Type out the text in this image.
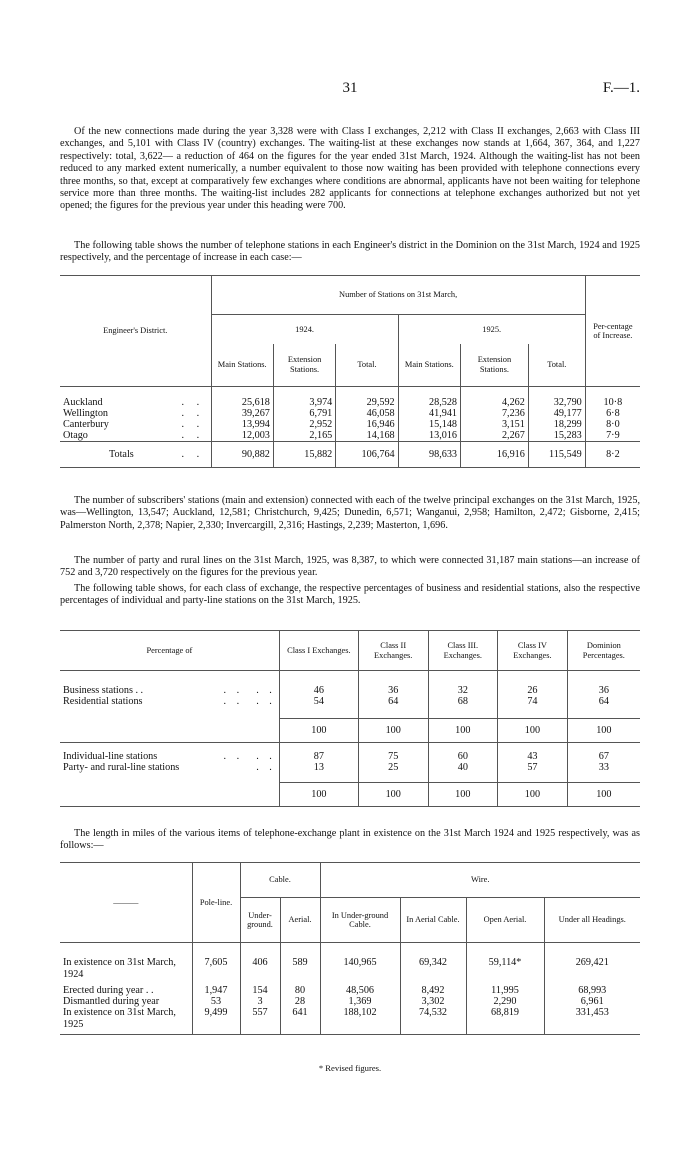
31	F.—1.
Of the new connections made during the year 3,328 were with Class I exchanges, 2,212 with Class II exchanges, 2,663 with Class III exchanges, and 5,101 with Class IV (country) exchanges. The waiting-list at these exchanges now stands at 1,664, 367, 364, and 1,227 respectively: total, 3,622— a reduction of 464 on the figures for the year ended 31st March, 1924. Although the waiting-list has not been reduced to any marked extent numerically, a number equivalent to those now waiting has been provided with telephone connections every three months, so that, except at comparatively few exchanges where conditions are abnormal, applicants have not been waiting for telephone service more than three months. The waiting-list includes 282 applicants for connections at telephone exchanges authorized but not yet opened; the figures for the previous year under this heading were 700.
The following table shows the number of telephone stations in each Engineer's district in the Dominion on the 31st March, 1924 and 1925 respectively, and the percentage of increase in each case:—
Engineer's District.	Number of Stations on 31st March,						Per-centage of Increase.
	1924.			1925.			
	Main Stations.	Extension Stations.	Total.	Main Stations.	Extension Stations.	Total.	

Auckland . .	25,618	3,974	29,592	28,528	4,262	32,790	10·8
Wellington . .	39,267	6,791	46,058	41,941	7,236	49,177	6·8
Canterbury . .	13,994	2,952	16,946	15,148	3,151	18,299	8·0
Otago . .	12,003	2,165	14,168	13,016	2,267	15,283	7·9
Totals . .	90,882	15,882	106,764	98,633	16,916	115,549	8·2
The number of subscribers' stations (main and extension) connected with each of the twelve principal exchanges on the 31st March, 1925, was—Wellington, 13,547; Auckland, 12,581; Christchurch, 9,425; Dunedin, 6,571; Wanganui, 2,958; Hamilton, 2,472; Gisborne, 2,415; Palmerston North, 2,378; Napier, 2,330; Invercargill, 2,316; Hastings, 2,239; Masterton, 1,696.
The number of party and rural lines on the 31st March, 1925, was 8,387, to which were connected 31,187 main stations—an increase of 752 and 3,720 respectively on the figures for the previous year.
The following table shows, for each class of exchange, the respective percentages of business and residential stations, also the respective percentages of individual and party-line stations on the 31st March, 1925.
Percentage of	Class I Exchanges.	Class II Exchanges.	Class III. Exchanges.	Class IV Exchanges.	Dominion Percentages.

Business stations . . . .  . .	46	36	32	26	36
Residential stations . .  . .	54	64	68	74	64

	100	100	100	100	100

Individual-line stations . .  . .	87	75	60	43	67
Party- and rural-line stations . .	13	25	40	57	33

	100	100	100	100	100
The length in miles of the various items of telephone-exchange plant in existence on the 31st March 1924 and 1925 respectively, was as follows:—
———	Pole-line.	Cable.		Wire.			
		Under-ground.	Aerial.	In Under-ground Cable.	In Aerial Cable.	Open Aerial.	Under all Headings.

In existence on 31st March, 1924	7,605	406	589	140,965	69,342	59,114*	269,421
Erected during year . .	1,947	154	80	48,506	8,492	11,995	68,993
Dismantled during year	53	3	28	1,369	3,302	2,290	6,961
In existence on 31st March, 1925	9,499	557	641	188,102	74,532	68,819	331,453
* Revised figures.
